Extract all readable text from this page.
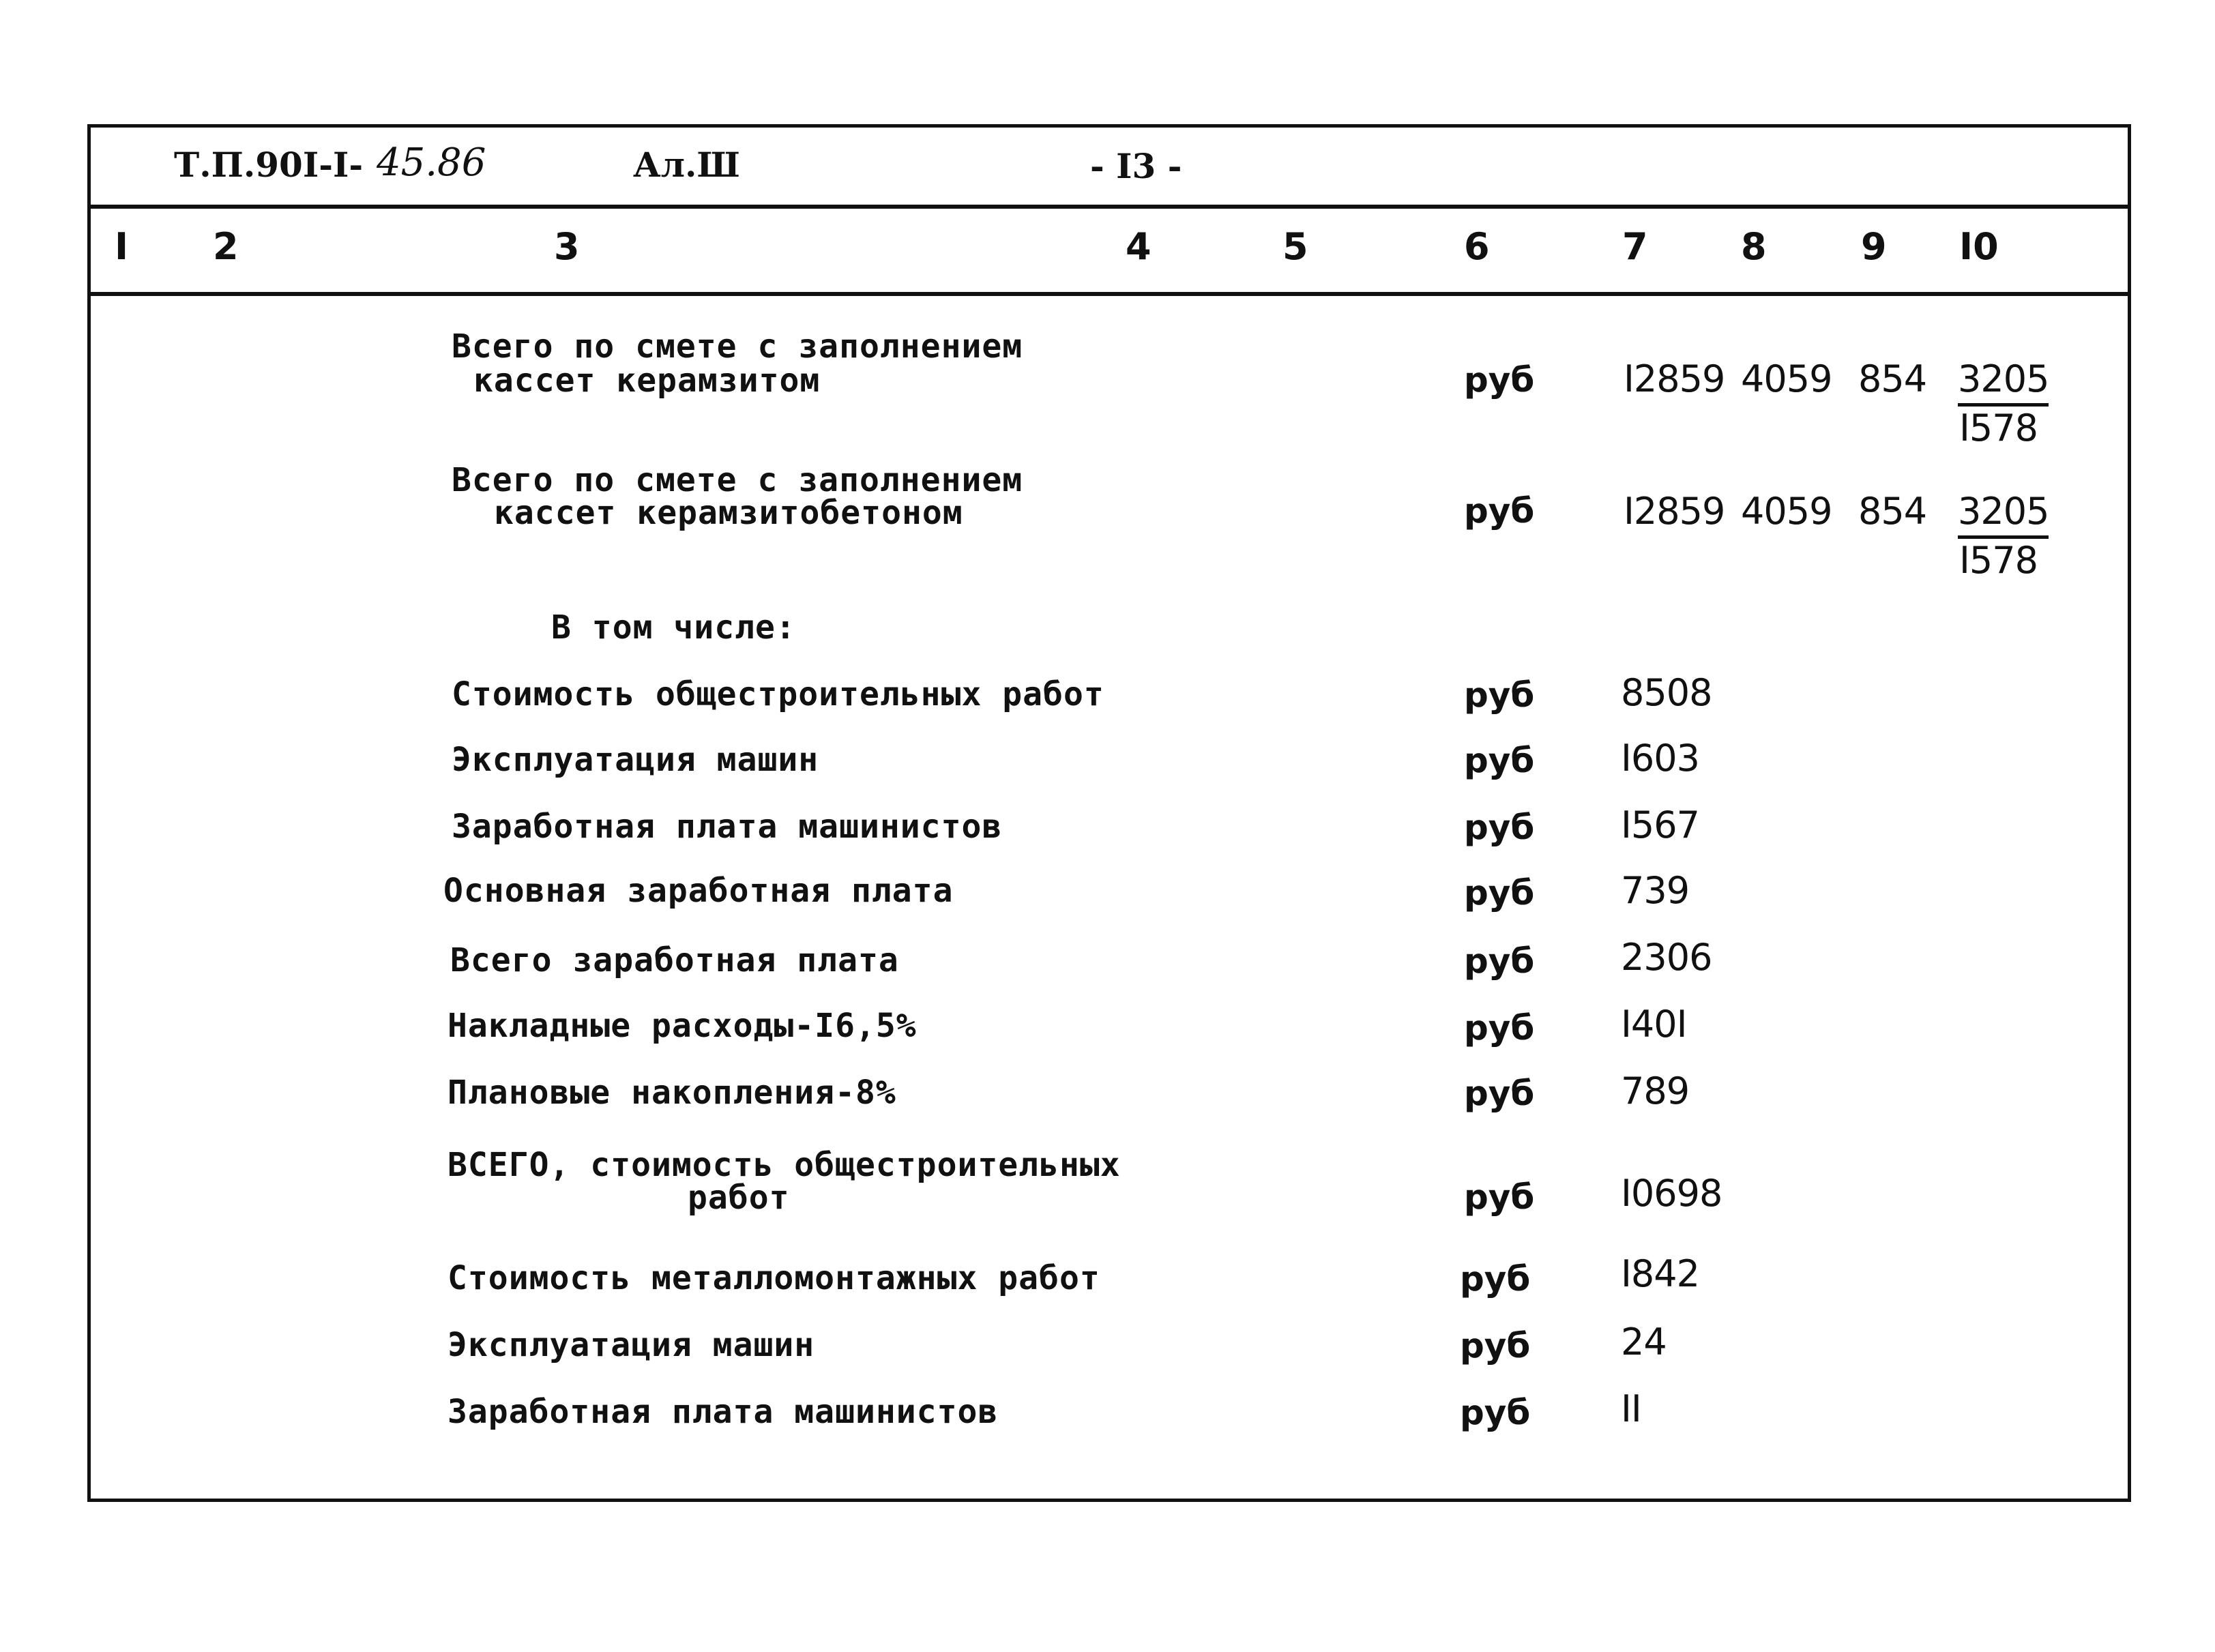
Т.П.90I-I- 45.86	Ал.Ш	- I3 -
I 2	3	4	5	6	7	8	9 I0
Всего по смете с заполнением
кассет керамзитом	руб I2859 4059 854 3205
I578
Всего по смете с заполнением
кассет керамзитобетоном	руб I2859 4059 854 3205
I578
В том числе:
Стоимость общестроительных работ	руб 8508
Эксплуатация машин	руб I603
Заработная плата машинистов	руб I567
Основная заработная плата	руб 739
Всего заработная плата	руб 2306
Накладные расходы-I6,5%	руб I40I
Плановые накопления-8%	руб 789
ВСЕГО, стоимость общестроительных
работ	руб I0698
Стоимость металломонтажных работ	руб I842
Эксплуатация машин	руб 24
Заработная плата машинистов	руб II
